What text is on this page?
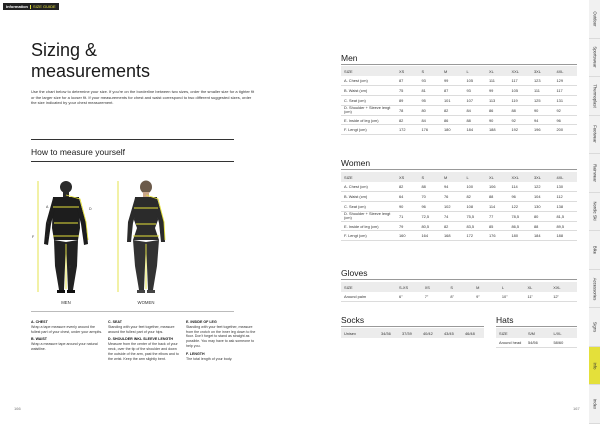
Information SIZE GUIDE
Sizing &
measurements
Use the chart below to determine your size. If you're on the borderline between two sizes, order the smaller size for a tighter fit or the larger size for a looser fit. If your measurements for chest and waist correspond to two different suggested sizes, order the size indicated by your chest measurement.
How to measure yourself
A
B
C
D
E
F
MEN	WOMEN

A. CHEST
Wrap a tape measure evenly around the fullest part of your chest, under your armpits.

B. WAIST
Wrap a measure tape around your natural waistline.

C. SEAT
Standing with your feet together, measure around the fullest part of your hips.

D. SHOULDER INKL SLEEVE LENGTH
Measure from the center of the back of your neck, over the tip of the shoulder and down the outside of the arm, past the elbow and to the wrist. Keep the arm slightly bent.

E. INSIDE OF LEG
Standing with your feet together, measure from the crotch on the inner leg down to the floor. Don't forget to stand as straight as possible. You may have to ask someone to help you.

F. LENGTH
The total length of your body.

166
Men
SIZE	XS	S	M	L	XL	XXL	3XL	4XL
A. Chest (cm)	87	93	99	105	111	117	123	129
B. Waist (cm)	75	81	87	93	99	105	111	117
C. Seat (cm)	89	95	101	107	113	119	125	131
D. Shoulder + Sleeve lengt (cm)	78	80	82	84	86	88	90	92
E. Inside of leg (cm)	82	84	86	88	90	92	94	96
F. Lengt (cm)	172	176	180	184	188	192	196	200
Women
SIZE	XS	S	M	L	XL	XXL	3XL	4XL
A. Chest (cm)	82	88	94	100	106	114	122	130
B. Waist (cm)	64	70	76	82	88	96	104	112
C. Seat (cm)	90	96	102	108	114	122	130	138
D. Shoulder + Sleeve lengt (cm)	71	72,5	74	75,5	77	78,5	80	81,5
E. Inside of leg (cm)	79	80,5	82	83,5	85	86,5	88	89,5
F. Lengt (cm)	160	164	168	172	176	180	184	188
Gloves
SIZE	S-XS	XS	S	M	L	XL	XXL
Around palm	6"	7"	8"	9"	10"	11"	12"
Socks
Unisex	34/36	37/39	40/42	43/45	46/48
Hats
SIZE	S/M	L/XL
Around head	54/56	58/60
167
Outdoor
Sportswear
Thermoplast
Footwear
Rainwear
Nordic Ski
Bike
Accessories
Signs
Info
Index
